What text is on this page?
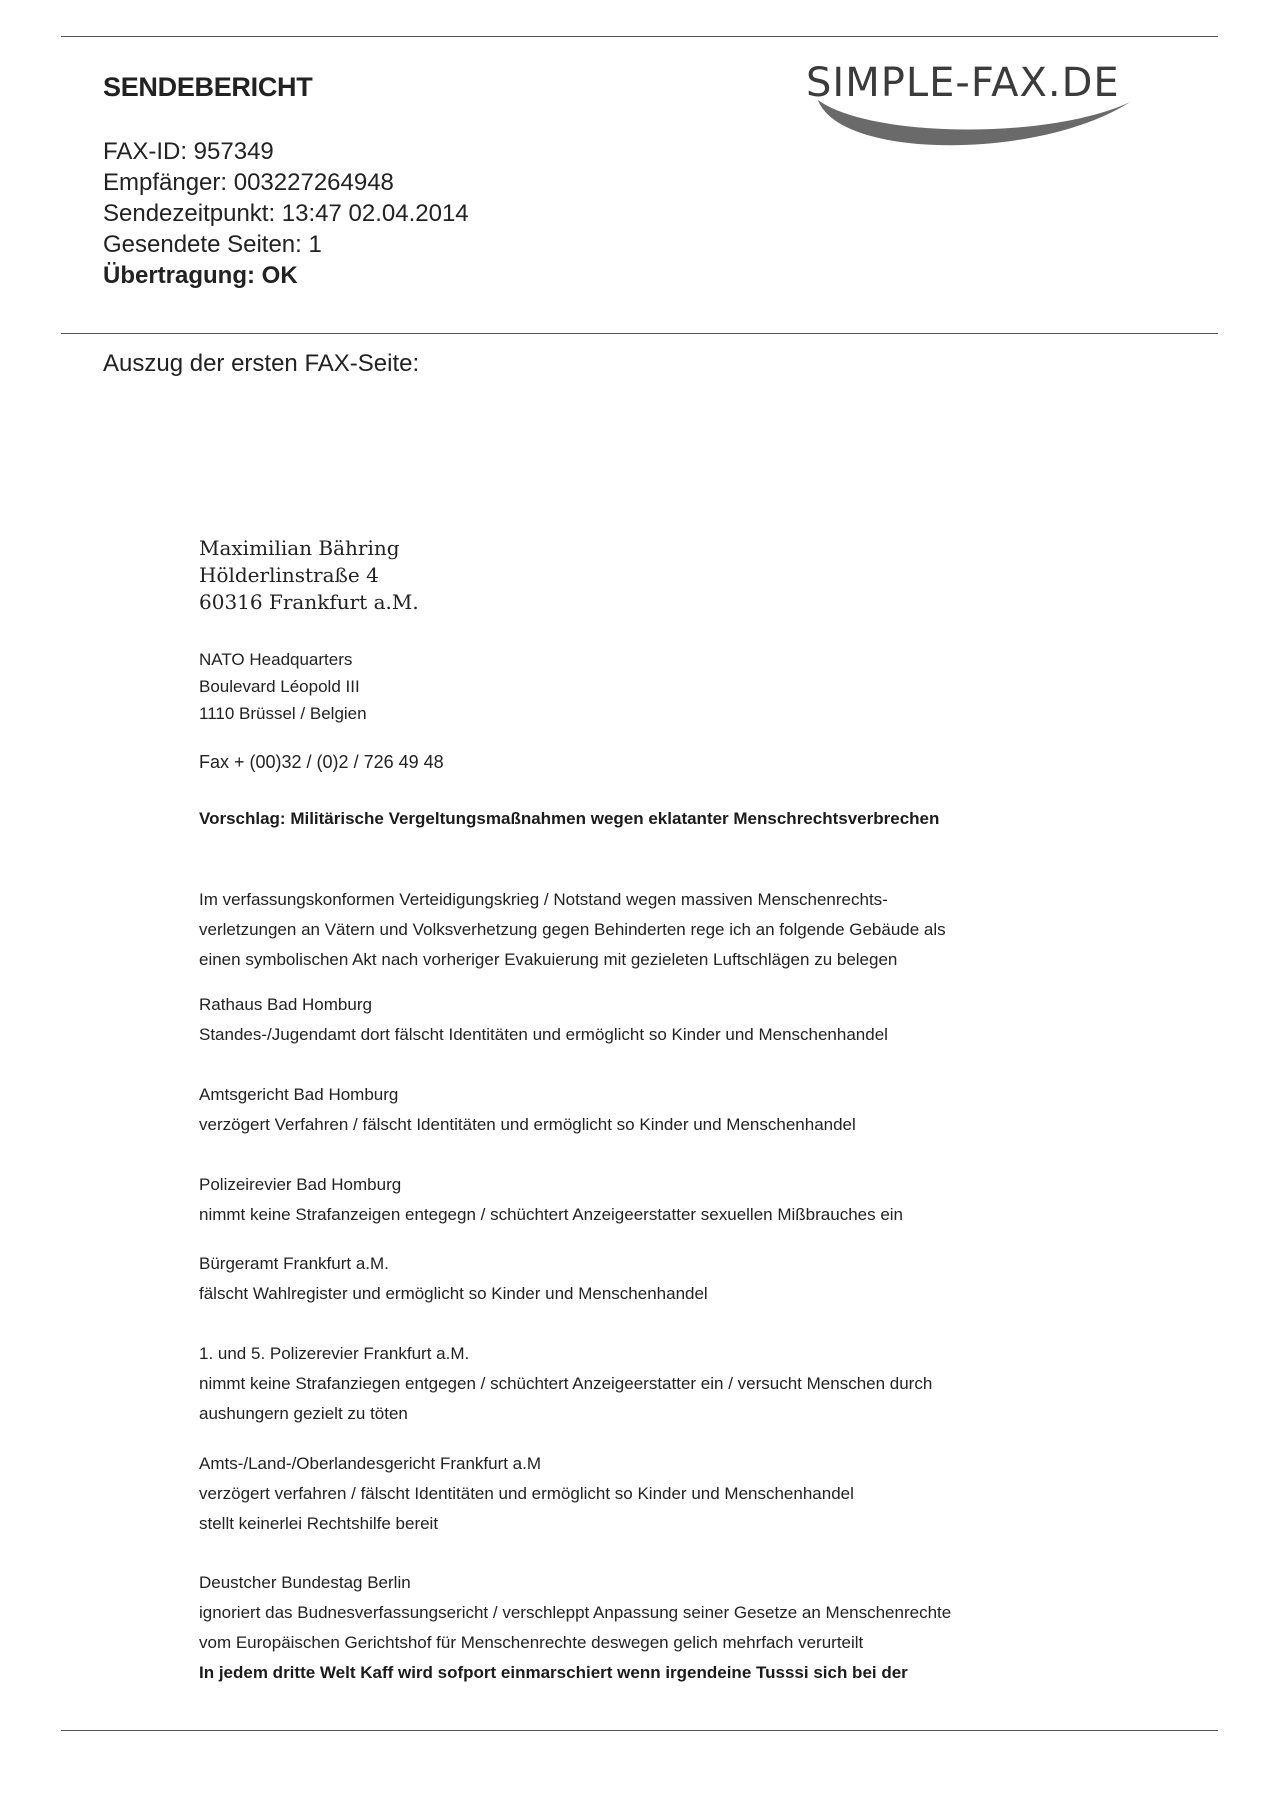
SENDEBERICHT	SIMPLE-FAX.DE
FAX-ID: 957349
Empfänger: 003227264948
Sendezeitpunkt: 13:47 02.04.2014
Gesendete Seiten: 1
Übertragung: OK
Auszug der ersten FAX-Seite:
Maximilian Bähring
Hölderlinstraße 4
60316 Frankfurt a.M.
NATO Headquarters
Boulevard Léopold III
1110 Brüssel / Belgien
Fax + (00)32 / (0)2 / 726 49 48
Vorschlag: Militärische Vergeltungsmaßnahmen wegen eklatanter Menschrechtsverbrechen
Im verfassungskonformen Verteidigungskrieg / Notstand wegen massiven Menschenrechts-
verletzungen an Vätern und Volksverhetzung gegen Behinderten rege ich an folgende Gebäude als
einen symbolischen Akt nach vorheriger Evakuierung mit gezieleten Luftschlägen zu belegen
Rathaus Bad Homburg
Standes-/Jugendamt dort fälscht Identitäten und ermöglicht so Kinder und Menschenhandel
Amtsgericht Bad Homburg
verzögert Verfahren / fälscht Identitäten und ermöglicht so Kinder und Menschenhandel
Polizeirevier Bad Homburg
nimmt keine Strafanzeigen entegegn / schüchtert Anzeigeerstatter sexuellen Mißbrauches ein
Bürgeramt Frankfurt a.M.
fälscht Wahlregister und ermöglicht so Kinder und Menschenhandel
1. und 5. Polizerevier Frankfurt a.M.
nimmt keine Strafanziegen entgegen / schüchtert Anzeigeerstatter ein / versucht Menschen durch
aushungern gezielt zu töten
Amts-/Land-/Oberlandesgericht Frankfurt a.M
verzögert verfahren / fälscht Identitäten und ermöglicht so Kinder und Menschenhandel
stellt keinerlei Rechtshilfe bereit
Deustcher Bundestag Berlin
ignoriert das Budnesverfassungsericht / verschleppt Anpassung seiner Gesetze an Menschenrechte
vom Europäischen Gerichtshof für Menschenrechte deswegen gelich mehrfach verurteilt
In jedem dritte Welt Kaff wird sofport einmarschiert wenn irgendeine Tusssi sich bei der
